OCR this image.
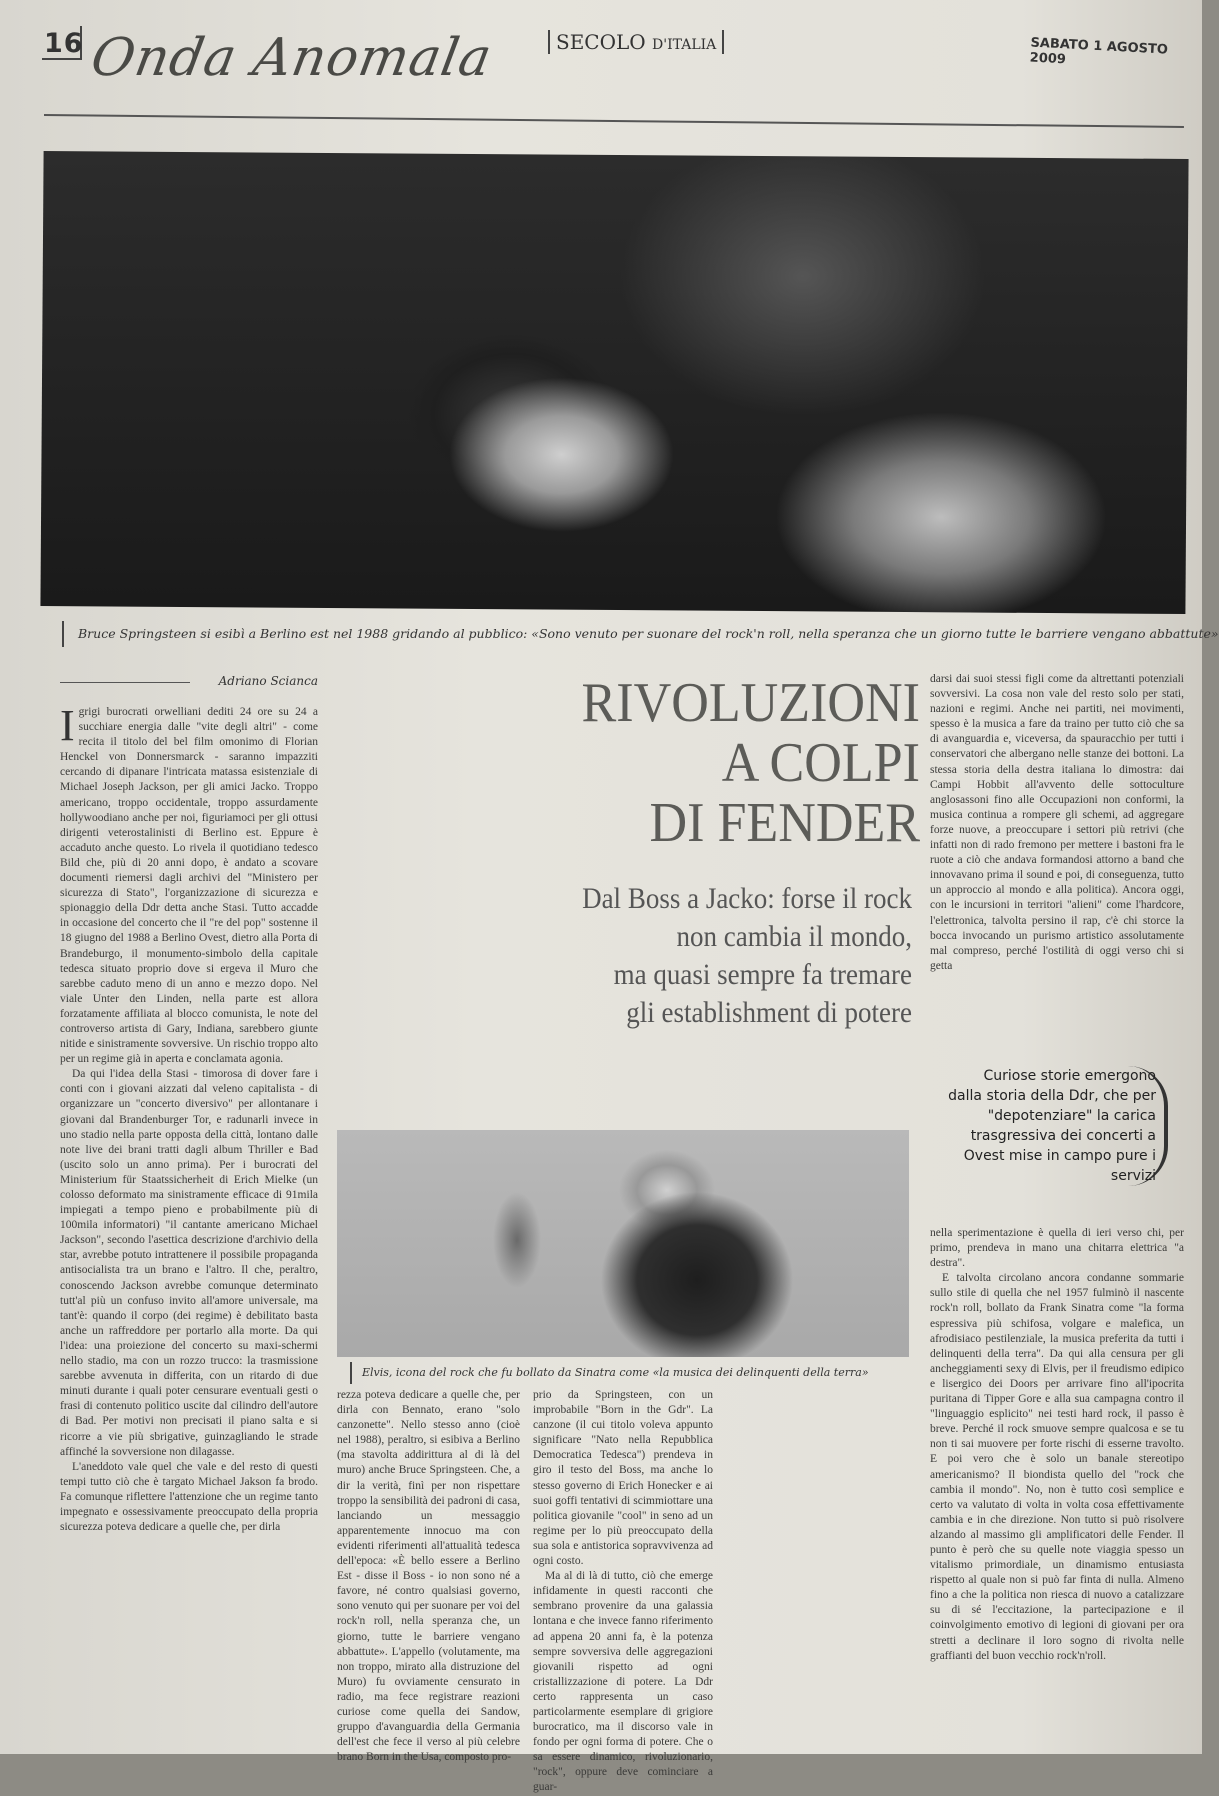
16 Onda Anomala	SECOLO D'ITALIA	SABATO 1 AGOSTO 2009
Bruce Springsteen si esibì a Berlino est nel 1988 gridando al pubblico: «Sono venuto per suonare del rock'n roll, nella speranza che un giorno tutte le barriere vengano abbattute»
Adriano Scianca	RIVOLUZIONI
A COLPI
DI FENDER
Dal Boss a Jacko: forse il rock
non cambia il mondo,
ma quasi sempre fa tremare
gli establishment di potere
Curiose storie emergono dalla storia della Ddr, che per "depotenziare" la carica trasgressiva dei concerti a Ovest mise in campo pure i servizi
Elvis, icona del rock che fu bollato da Sinatra come «la musica dei delinquenti della terra»

Igrigi burocrati orwelliani dediti 24 ore su 24 a succhiare energia dalle "vite degli altri" - come recita il titolo del bel film omonimo di Florian Henckel von Donnersmarck - saranno impazziti cercando di dipanare l'intricata matassa esistenziale di Michael Joseph Jackson, per gli amici Jacko. Troppo americano, troppo occidentale, troppo assurdamente hollywoodiano anche per noi, figuriamoci per gli ottusi dirigenti veterostalinisti di Berlino est. Eppure è accaduto anche questo. Lo rivela il quotidiano tedesco Bild che, più di 20 anni dopo, è andato a scovare documenti riemersi dagli archivi del "Ministero per sicurezza di Stato", l'organizzazione di sicurezza e spionaggio della Ddr detta anche Stasi. Tutto accadde in occasione del concerto che il "re del pop" sostenne il 18 giugno del 1988 a Berlino Ovest, dietro alla Porta di Brandeburgo, il monumento-simbolo della capitale tedesca situato proprio dove si ergeva il Muro che sarebbe caduto meno di un anno e mezzo dopo. Nel viale Unter den Linden, nella parte est allora forzatamente affiliata al blocco comunista, le note del controverso artista di Gary, Indiana, sarebbero giunte nitide e sinistramente sovversive. Un rischio troppo alto per un regime già in aperta e conclamata agonia.

Da qui l'idea della Stasi - timorosa di dover fare i conti con i giovani aizzati dal veleno capitalista - di organizzare un "concerto diversivo" per allontanare i giovani dal Brandenburger Tor, e radunarli invece in uno stadio nella parte opposta della città, lontano dalle note live dei brani tratti dagli album Thriller e Bad (uscito solo un anno prima). Per i burocrati del Ministerium für Staatssicherheit di Erich Mielke (un colosso deformato ma sinistramente efficace di 91mila impiegati a tempo pieno e probabilmente più di 100mila informatori) "il cantante americano Michael Jackson", secondo l'asettica descrizione d'archivio della star, avrebbe potuto intrattenere il possibile propaganda antisocialista tra un brano e l'altro. Il che, peraltro, conoscendo Jackson avrebbe comunque determinato tutt'al più un confuso invito all'amore universale, ma tant'è: quando il corpo (dei regime) è debilitato basta anche un raffreddore per portarlo alla morte. Da qui l'idea: una proiezione del concerto su maxi-schermi nello stadio, ma con un rozzo trucco: la trasmissione sarebbe avvenuta in differita, con un ritardo di due minuti durante i quali poter censurare eventuali gesti o frasi di contenuto politico uscite dal cilindro dell'autore di Bad. Per motivi non precisati il piano salta e si ricorre a vie più sbrigative, guinzagliando le strade affinché la sovversione non dilagasse.

L'aneddoto vale quel che vale e del resto di questi tempi tutto ciò che è targato Michael Jakson fa brodo. Fa comunque riflettere l'attenzione che un regime tanto impegnato e ossessivamente preoccupato della propria sicurezza poteva dedicare a quelle che, per dirla

rezza poteva dedicare a quelle che, per dirla con Bennato, erano "solo canzonette". Nello stesso anno (cioè nel 1988), peraltro, si esibiva a Berlino (ma stavolta addirittura al di là del muro) anche Bruce Springsteen. Che, a dir la verità, finì per non rispettare troppo la sensibilità dei padroni di casa, lanciando un messaggio apparentemente innocuo ma con evidenti riferimenti all'attualità tedesca dell'epoca: «È bello essere a Berlino Est - disse il Boss - io non sono né a favore, né contro qualsiasi governo, sono venuto qui per suonare per voi del rock'n roll, nella speranza che, un giorno, tutte le barriere vengano abbattute». L'appello (volutamente, ma non troppo, mirato alla distruzione del Muro) fu ovviamente censurato in radio, ma fece registrare reazioni curiose come quella dei Sandow, gruppo d'avanguardia della Germania dell'est che fece il verso al più celebre brano Born in the Usa, composto pro-

prio da Springsteen, con un improbabile "Born in the Gdr". La canzone (il cui titolo voleva appunto significare "Nato nella Repubblica Democratica Tedesca") prendeva in giro il testo del Boss, ma anche lo stesso governo di Erich Honecker e ai suoi goffi tentativi di scimmiottare una politica giovanile "cool" in seno ad un regime per lo più preoccupato della sua sola e antistorica sopravvivenza ad ogni costo.

Ma al di là di tutto, ciò che emerge infidamente in questi racconti che sembrano provenire da una galassia lontana e che invece fanno riferimento ad appena 20 anni fa, è la potenza sempre sovversiva delle aggregazioni giovanili rispetto ad ogni cristallizzazione di potere. La Ddr certo rappresenta un caso particolarmente esemplare di grigiore burocratico, ma il discorso vale in fondo per ogni forma di potere. Che o sa essere dinamico, rivoluzionario, "rock", oppure deve cominciare a guar-

darsi dai suoi stessi figli come da altrettanti potenziali sovversivi. La cosa non vale del resto solo per stati, nazioni e regimi. Anche nei partiti, nei movimenti, spesso è la musica a fare da traino per tutto ciò che sa di avanguardia e, viceversa, da spauracchio per tutti i conservatori che albergano nelle stanze dei bottoni. La stessa storia della destra italiana lo dimostra: dai Campi Hobbit all'avvento delle sottoculture anglosassoni fino alle Occupazioni non conformi, la musica continua a rompere gli schemi, ad aggregare forze nuove, a preoccupare i settori più retrivi (che infatti non di rado fremono per mettere i bastoni fra le ruote a ciò che andava formandosi attorno a band che innovavano prima il sound e poi, di conseguenza, tutto un approccio al mondo e alla politica). Ancora oggi, con le incursioni in territori "alieni" come l'hardcore, l'elettronica, talvolta persino il rap, c'è chi storce la bocca invocando un purismo artistico assolutamente mal compreso, perché l'ostilità di oggi verso chi si getta

nella sperimentazione è quella di ieri verso chi, per primo, prendeva in mano una chitarra elettrica "a destra".

E talvolta circolano ancora condanne sommarie sullo stile di quella che nel 1957 fulminò il nascente rock'n roll, bollato da Frank Sinatra come "la forma espressiva più schifosa, volgare e malefica, un afrodisiaco pestilenziale, la musica preferita da tutti i delinquenti della terra". Da qui alla censura per gli ancheggiamenti sexy di Elvis, per il freudismo edipico e lisergico dei Doors per arrivare fino all'ipocrita puritana di Tipper Gore e alla sua campagna contro il "linguaggio esplicito" nei testi hard rock, il passo è breve. Perché il rock smuove sempre qualcosa e se tu non ti sai muovere per forte rischi di esserne travolto. E poi vero che è solo un banale stereotipo americanismo? Il biondista quello del "rock che cambia il mondo". No, non è tutto così semplice e certo va valutato di volta in volta cosa effettivamente cambia e in che direzione. Non tutto si può risolvere alzando al massimo gli amplificatori delle Fender. Il punto è però che su quelle note viaggia spesso un vitalismo primordiale, un dinamismo entusiasta rispetto al quale non si può far finta di nulla. Almeno fino a che la politica non riesca di nuovo a catalizzare su di sé l'eccitazione, la partecipazione e il coinvolgimento emotivo di legioni di giovani per ora stretti a declinare il loro sogno di rivolta nelle graffianti del buon vecchio rock'n'roll.
